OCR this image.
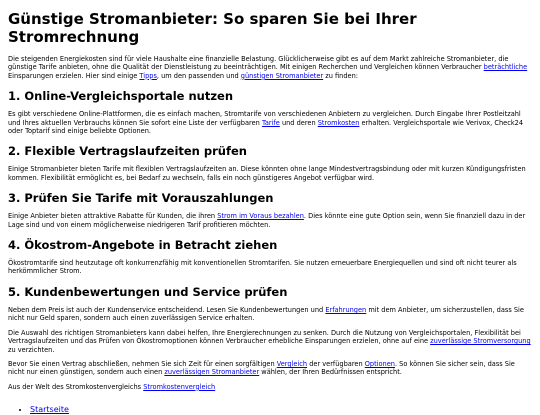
Günstige Stromanbieter: So sparen Sie bei Ihrer Stromrechnung

Die steigenden Energiekosten sind für viele Haushalte eine finanzielle Belastung. Glücklicherweise gibt es auf dem Markt zahlreiche Stromanbieter, die günstige Tarife anbieten, ohne die Qualität der Dienstleistung zu beeinträchtigen. Mit einigen Recherchen und Vergleichen können Verbraucher beträchtliche Einsparungen erzielen. Hier sind einige Tipps, um den passenden und günstigen Stromanbieter zu finden:

1. Online-Vergleichsportale nutzen

Es gibt verschiedene Online-Plattformen, die es einfach machen, Stromtarife von verschiedenen Anbietern zu vergleichen. Durch Eingabe Ihrer Postleitzahl und Ihres aktuellen Verbrauchs können Sie sofort eine Liste der verfügbaren Tarife und deren Stromkosten erhalten. Vergleichsportale wie Verivox, Check24 oder Toptarif sind einige beliebte Optionen.

2. Flexible Vertragslaufzeiten prüfen

Einige Stromanbieter bieten Tarife mit flexiblen Vertragslaufzeiten an. Diese könnten ohne lange Mindestvertragsbindung oder mit kurzen Kündigungsfristen kommen. Flexibilität ermöglicht es, bei Bedarf zu wechseln, falls ein noch günstigeres Angebot verfügbar wird.

3. Prüfen Sie Tarife mit Vorauszahlungen

Einige Anbieter bieten attraktive Rabatte für Kunden, die ihren Strom im Voraus bezahlen. Dies könnte eine gute Option sein, wenn Sie finanziell dazu in der Lage sind und von einem möglicherweise niedrigeren Tarif profitieren möchten.

4. Ökostrom-Angebote in Betracht ziehen

Ökostromtarife sind heutzutage oft konkurrenzfähig mit konventionellen Stromtarifen. Sie nutzen erneuerbare Energiequellen und sind oft nicht teurer als herkömmlicher Strom.

5. Kundenbewertungen und Service prüfen

Neben dem Preis ist auch der Kundenservice entscheidend. Lesen Sie Kundenbewertungen und Erfahrungen mit dem Anbieter, um sicherzustellen, dass Sie nicht nur Geld sparen, sondern auch einen zuverlässigen Service erhalten.

Die Auswahl des richtigen Stromanbieters kann dabei helfen, Ihre Energierechnungen zu senken. Durch die Nutzung von Vergleichsportalen, Flexibilität bei Vertragslaufzeiten und das Prüfen von Ökostromoptionen können Verbraucher erhebliche Einsparungen erzielen, ohne auf eine zuverlässige Stromversorgung zu verzichten.

Bevor Sie einen Vertrag abschließen, nehmen Sie sich Zeit für einen sorgfältigen Vergleich der verfügbaren Optionen. So können Sie sicher sein, dass Sie nicht nur einen günstigen, sondern auch einen zuverlässigen Stromanbieter wählen, der Ihren Bedürfnissen entspricht.

Aus der Welt des Stromkostenvergleichs Stromkostenvergleich

• Startseite
